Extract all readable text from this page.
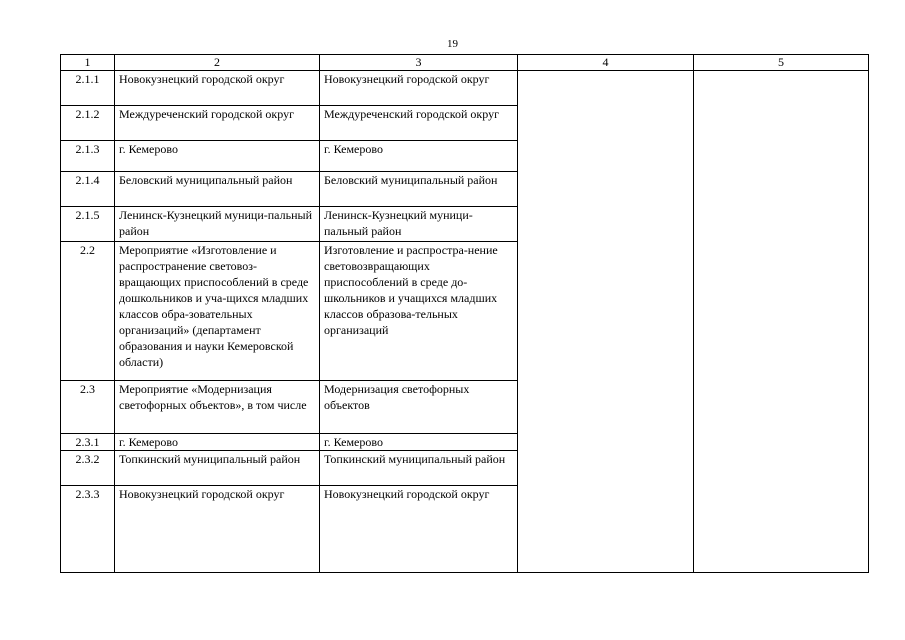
19
1	2	3	4	5
2.1.1	Новокузнецкий городской округ	Новокузнецкий городской округ		
2.1.2	Междуреченский городской округ	Междуреченский городской округ		
2.1.3	г. Кемерово	г. Кемерово		
2.1.4	Беловский муниципальный район	Беловский муниципальный район		
2.1.5	Ленинск-Кузнецкий муници-пальный район	Ленинск-Кузнецкий муници-пальный район		
2.2	Мероприятие «Изготовление и распространение световоз-вращающих приспособлений в среде дошкольников и уча-щихся младших классов обра-зовательных организаций» (департамент образования и науки Кемеровской области)	Изготовление и распростра-нение световозвращающих приспособлений в среде до-школьников и учащихся младших классов образова-тельных организаций		
2.3	Мероприятие «Модернизация светофорных объектов», в том числе	Модернизация светофорных объектов		
2.3.1	г. Кемерово	г. Кемерово		
2.3.2	Топкинский муниципальный район	Топкинский муниципальный район		
2.3.3	Новокузнецкий городской округ	Новокузнецкий городской округ		
